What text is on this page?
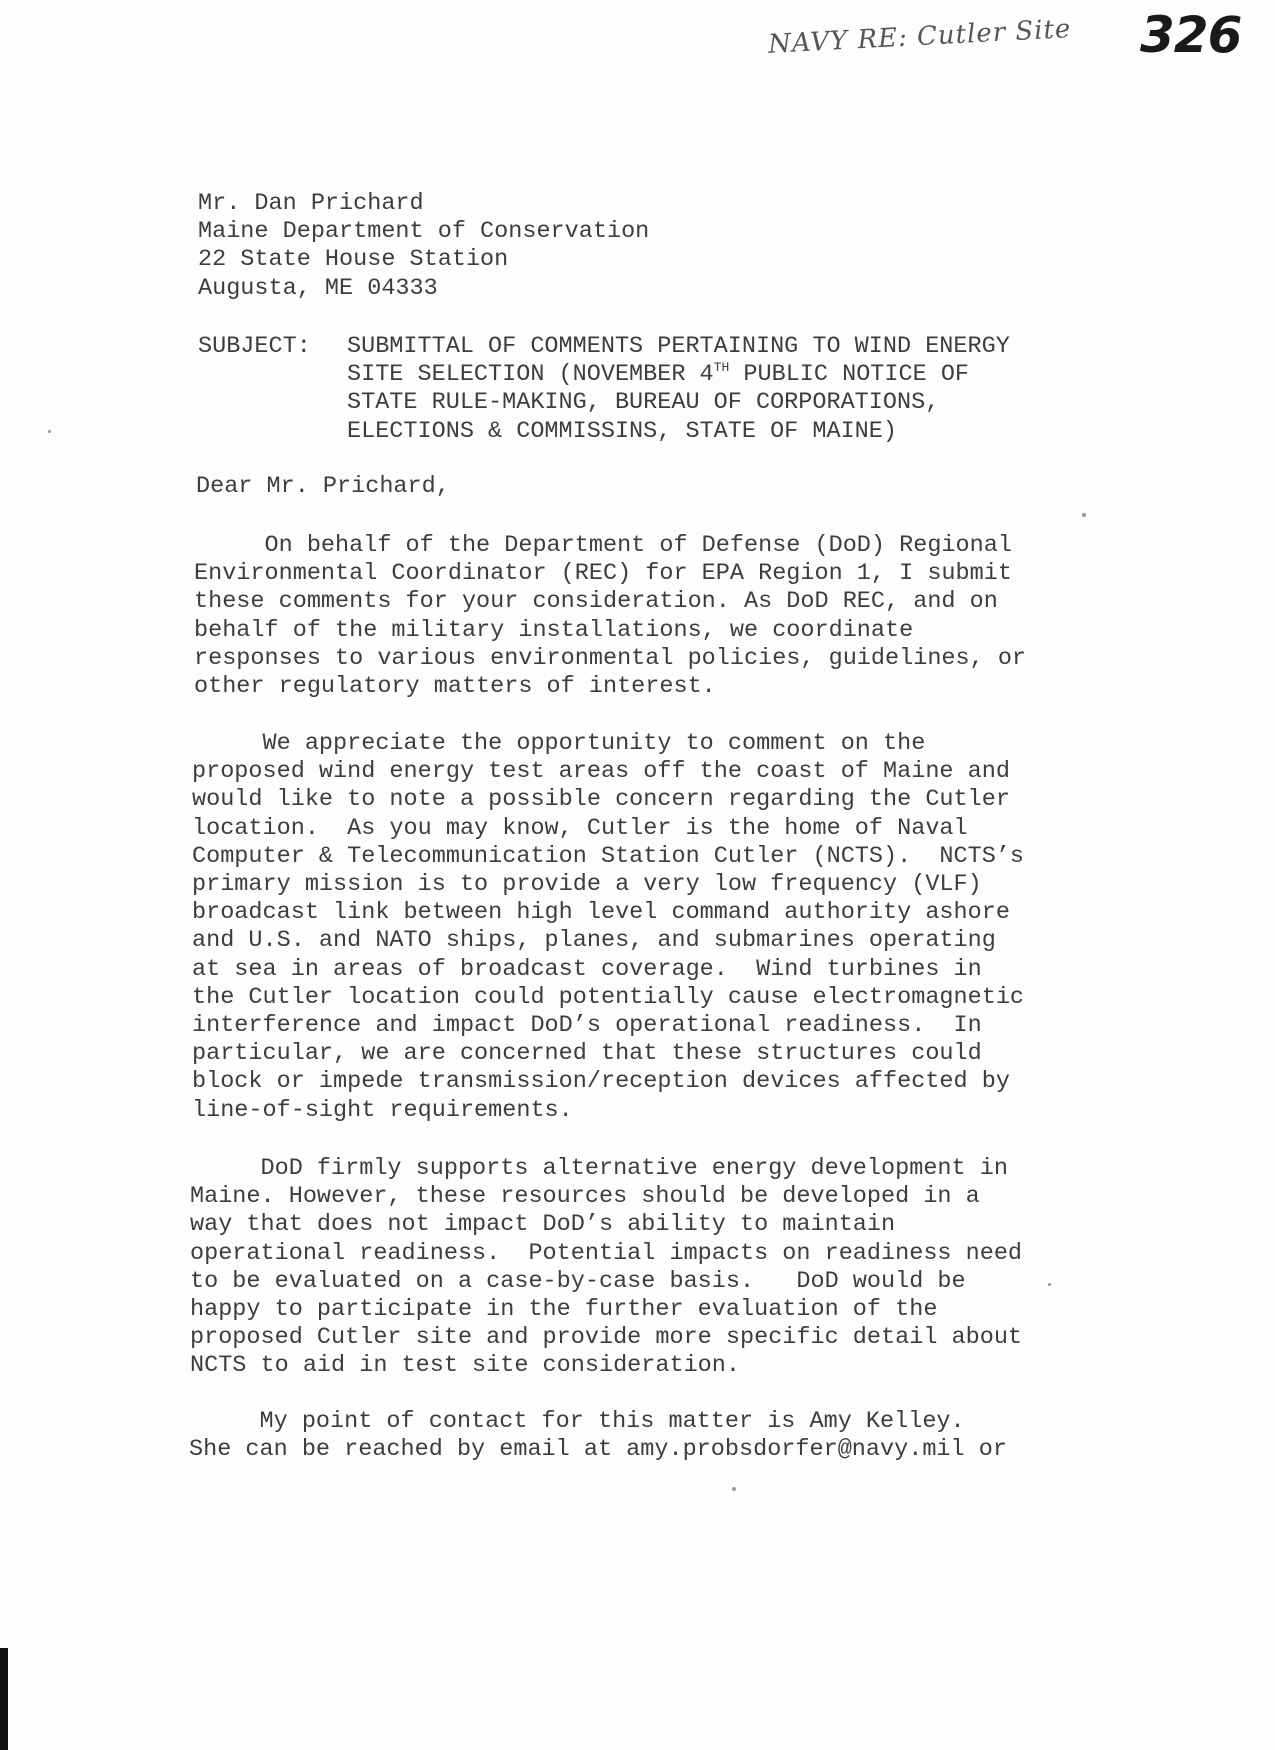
NAVY RE: Cutler Site 326
Mr. Dan Prichard
Maine Department of Conservation
22 State House Station
Augusta, ME 04333
SUBJECT: SUBMITTAL OF COMMENTS PERTAINING TO WIND ENERGY
SITE SELECTION (NOVEMBER 4TH PUBLIC NOTICE OF
STATE RULE-MAKING, BUREAU OF CORPORATIONS,
ELECTIONS & COMMISSINS, STATE OF MAINE)
Dear Mr. Prichard,
On behalf of the Department of Defense (DoD) Regional
Environmental Coordinator (REC) for EPA Region 1, I submit
these comments for your consideration. As DoD REC, and on
behalf of the military installations, we coordinate
responses to various environmental policies, guidelines, or
other regulatory matters of interest.
We appreciate the opportunity to comment on the
proposed wind energy test areas off the coast of Maine and
would like to note a possible concern regarding the Cutler
location.  As you may know, Cutler is the home of Naval
Computer & Telecommunication Station Cutler (NCTS).  NCTS’s
primary mission is to provide a very low frequency (VLF)
broadcast link between high level command authority ashore
and U.S. and NATO ships, planes, and submarines operating
at sea in areas of broadcast coverage.  Wind turbines in
the Cutler location could potentially cause electromagnetic
interference and impact DoD’s operational readiness.  In
particular, we are concerned that these structures could
block or impede transmission/reception devices affected by
line-of-sight requirements.
DoD firmly supports alternative energy development in
Maine. However, these resources should be developed in a
way that does not impact DoD’s ability to maintain
operational readiness.  Potential impacts on readiness need
to be evaluated on a case-by-case basis.   DoD would be
happy to participate in the further evaluation of the
proposed Cutler site and provide more specific detail about
NCTS to aid in test site consideration.
My point of contact for this matter is Amy Kelley.
She can be reached by email at amy.probsdorfer@navy.mil or
